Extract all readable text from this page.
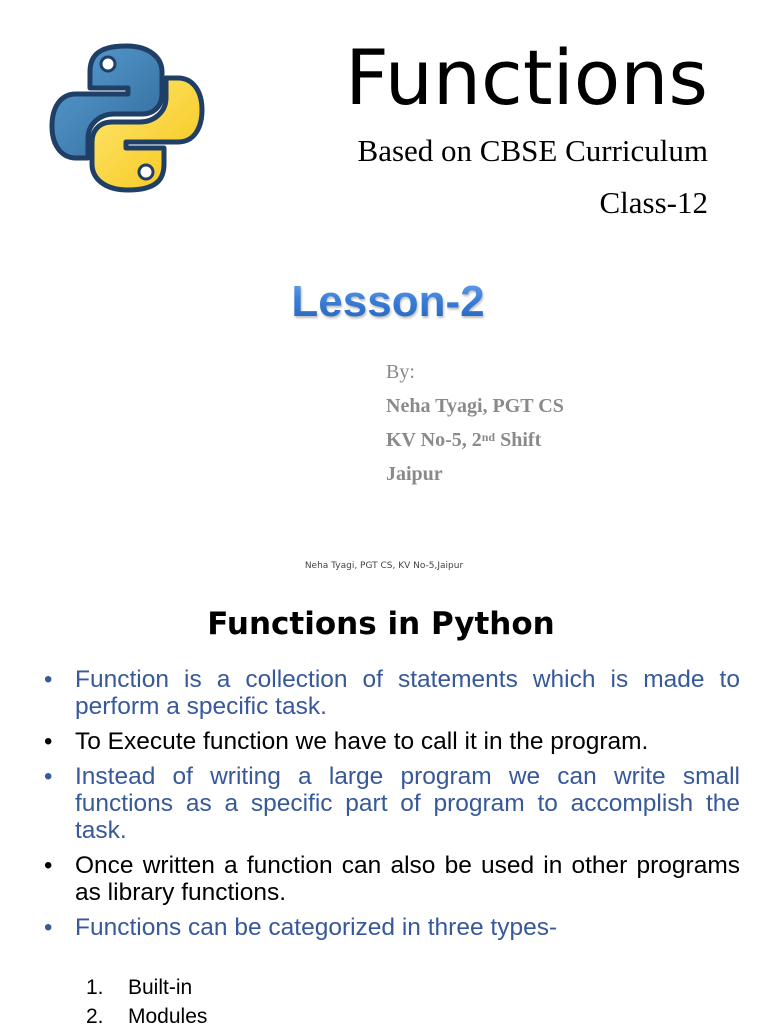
Functions
Based on CBSE Curriculum
Class-12
Lesson-2
By:
Neha Tyagi, PGT CS
KV No-5, 2nd Shift
Jaipur
Neha Tyagi, PGT CS, KV No-5,Jaipur
Functions in Python
• Function is a collection of statements which is made to perform a specific task.
• To Execute function we have to call it in the program.
• Instead of writing a large program we can write small functions as a specific part of program to accomplish the task.
• Once written a function can also be used in other programs as library functions.
• Functions can be categorized in three types-
1. Built-in
2. Modules
